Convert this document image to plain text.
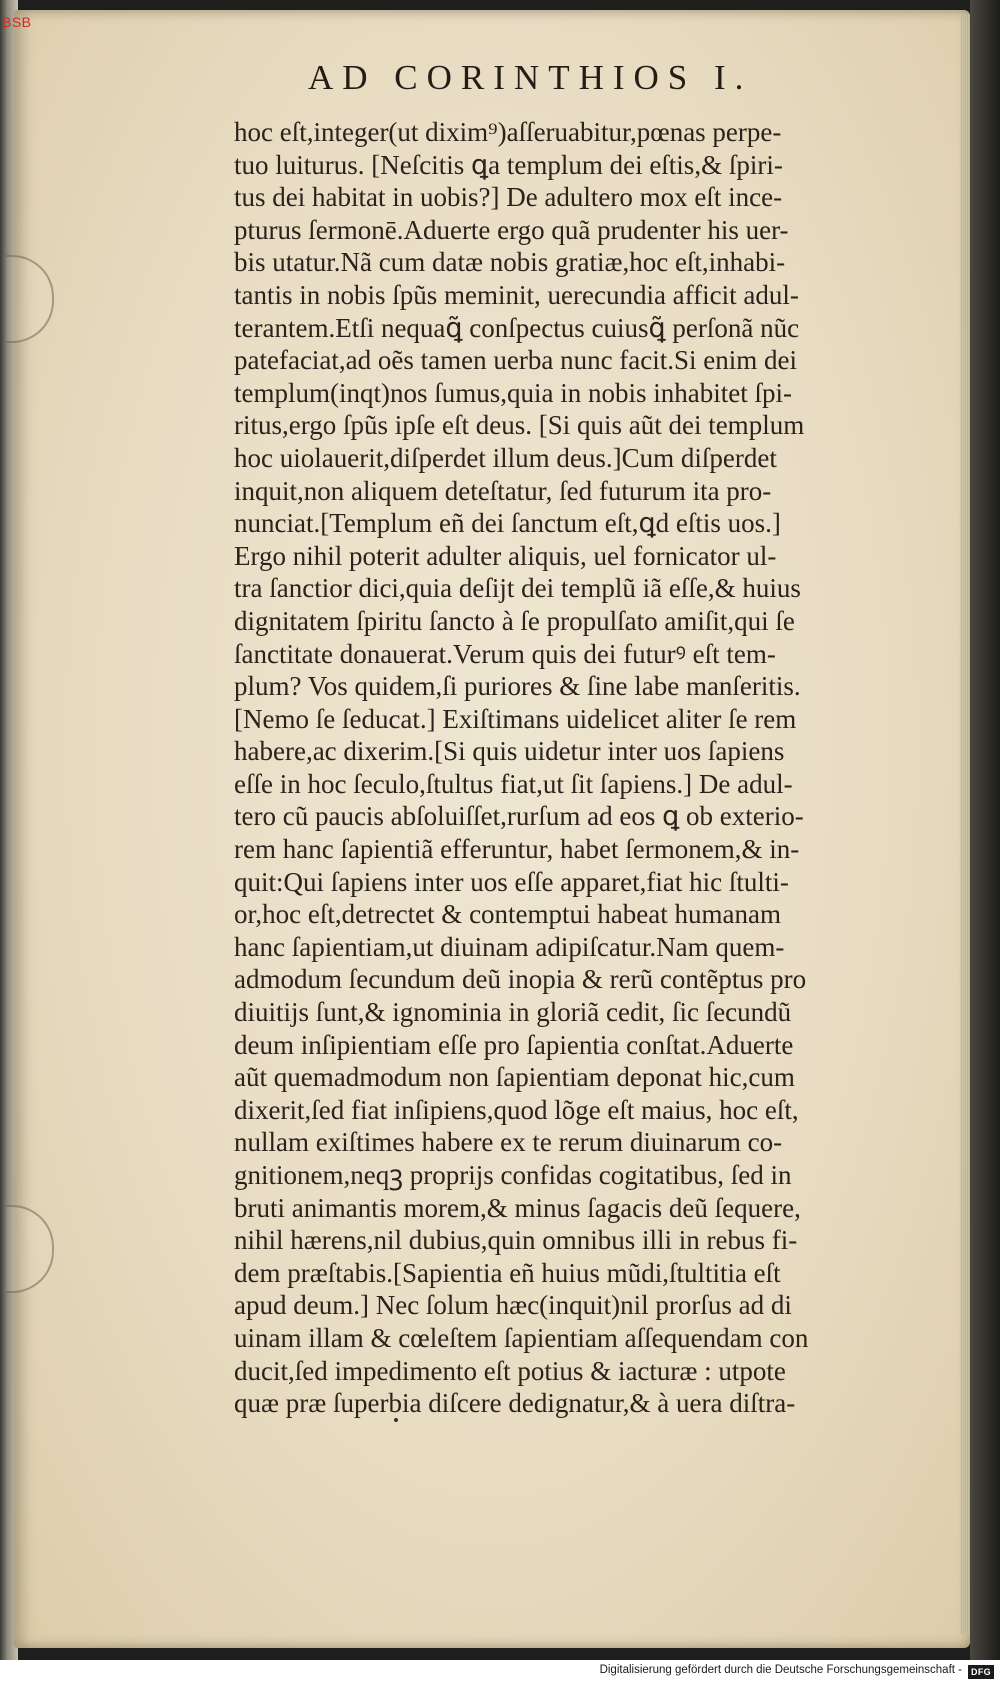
BSB
AD CORINTHIOS I.
hoc eſt,integer(ut dixim⁹)aſſeruabitur,pœnas perpe-
tuo luiturus. [Neſcitis ꝗa templum dei eſtis,& ſpiri-
tus dei habitat in uobis?] De adultero mox eſt ince-
pturus ſermonē.Aduerte ergo quã prudenter his uer-
bis utatur.Nã cum datæ nobis gratiæ,hoc eſt,inhabi-
tantis in nobis ſpũs meminit, uerecundia afficit adul-
terantem.Etſi nequaꝗ̃ conſpectus cuiusꝗ̃ perſonã nũc
patefaciat,ad oẽs tamen uerba nunc facit.Si enim dei
templum(inqt)nos ſumus,quia in nobis inhabitet ſpi-
ritus,ergo ſpũs ipſe eſt deus. [Si quis aũt dei templum
hoc uiolauerit,diſperdet illum deus.]Cum diſperdet
inquit,non aliquem deteſtatur, ſed futurum ita pro-
nunciat.[Templum eñ dei ſanctum eſt,ꝗd eſtis uos.]
Ergo nihil poterit adulter aliquis, uel fornicator ul-
tra ſanctior dici,quia deſijt dei templũ iã eſſe,& huius
dignitatem ſpiritu ſancto à ſe propulſato amiſit,qui ſe
ſanctitate donauerat.Verum quis dei futurꝰ eſt tem-
plum? Vos quidem,ſi puriores & ſine labe manſeritis.
[Nemo ſe ſeducat.] Exiſtimans uidelicet aliter ſe rem
habere,ac dixerim.[Si quis uidetur inter uos ſapiens
eſſe in hoc ſeculo,ſtultus fiat,ut ſit ſapiens.] De adul-
tero cũ paucis abſoluiſſet,rurſum ad eos ꝗ ob exterio-
rem hanc ſapientiã efferuntur, habet ſermonem,& in-
quit:Qui ſapiens inter uos eſſe apparet,fiat hic ſtulti-
or,hoc eſt,detrectet & contemptui habeat humanam
hanc ſapientiam,ut diuinam adipiſcatur.Nam quem-
admodum ſecundum deũ inopia & rerũ contẽptus pro
diuitijs ſunt,& ignominia in gloriã cedit, ſic ſecundũ
deum inſipientiam eſſe pro ſapientia conſtat.Aduerte
aũt quemadmodum non ſapientiam deponat hic,cum
dixerit,ſed fiat inſipiens,quod lõge eſt maius, hoc eſt,
nullam exiſtimes habere ex te rerum diuinarum co-
gnitionem,neqꝫ proprijs confidas cogitatibus, ſed in
bruti animantis morem,& minus ſagacis deũ ſequere,
nihil hærens,nil dubius,quin omnibus illi in rebus fi-
dem præſtabis.[Sapientia eñ huius mũdi,ſtultitia eſt
apud deum.] Nec ſolum hæc(inquit)nil prorſus ad di
uinam illam & cœleſtem ſapientiam aſſequendam con
ducit,ſed impedimento eſt potius & iacturæ : utpote
quæ præ ſuperbia diſcere dedignatur,& à uera diſtra-
Digitalisierung gefördert durch die Deutsche Forschungsgemeinschaft -	DFG
